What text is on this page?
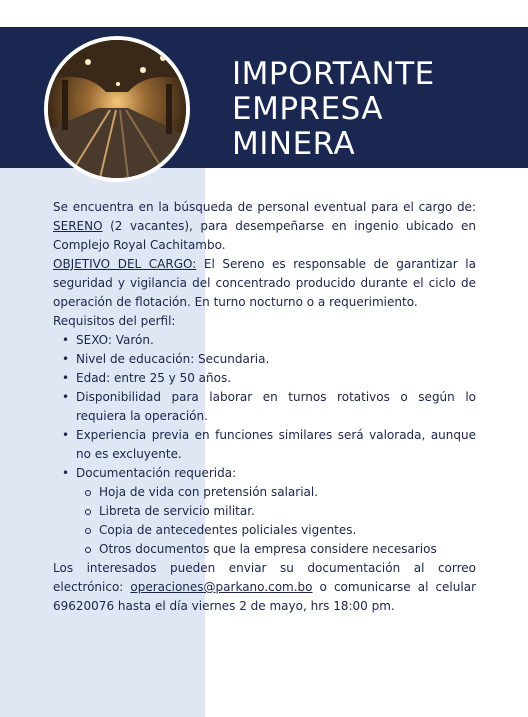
IMPORTANTE
EMPRESA
MINERA

Se encuentra en la búsqueda de personal eventual para el cargo de: SERENO (2 vacantes), para desempeñarse en ingenio ubicado en Complejo Royal Cachitambo.

OBJETIVO DEL CARGO: El Sereno es responsable de garantizar la seguridad y vigilancia del concentrado producido durante el ciclo de operación de flotación. En turno nocturno o a requerimiento.

Requisitos del perfil:

• SEXO: Varón.
• Nivel de educación: Secundaria.
• Edad: entre 25 y 50 años.
• Disponibilidad para laborar en turnos rotativos o según lo requiera la operación.
• Experiencia previa en funciones similares será valorada, aunque no es excluyente.
• Documentación requerida:
Hoja de vida con pretensión salarial.
Libreta de servicio militar.
Copia de antecedentes policiales vigentes.
Otros documentos que la empresa considere necesarios

Los interesados pueden enviar su documentación al correo electrónico: operaciones@parkano.com.bo o comunicarse al celular 69620076 hasta el día viernes 2 de mayo, hrs 18:00 pm.
